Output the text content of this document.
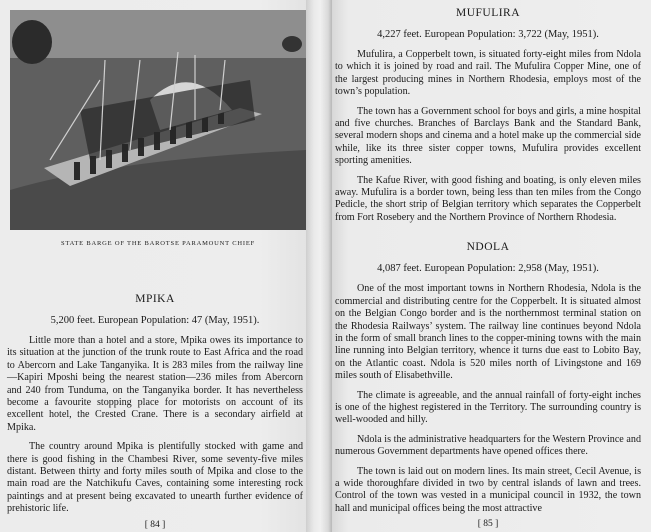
STATE BARGE OF THE BAROTSE PARAMOUNT CHIEF
MPIKA
5,200 feet. European Population: 47 (May, 1951).

Little more than a hotel and a store, Mpika owes its importance to its situation at the junction of the trunk route to East Africa and the road to Abercorn and Lake Tanganyika. It is 283 miles from the railway line—Kapiri Mposhi being the nearest station—236 miles from Abercorn and 240 from Tunduma, on the Tanganyika border. It has nevertheless become a favourite stopping place for motorists on account of its excellent hotel, the Crested Crane. There is a secondary airfield at Mpika.

The country around Mpika is plentifully stocked with game and there is good fishing in the Chambesi River, some seventy-five miles distant. Between thirty and forty miles south of Mpika and close to the main road are the Natchikufu Caves, containing some interesting rock paintings and at present being excavated to unearth further evidence of prehistoric life.

[ 84 ]
MUFULIRA
4,227 feet. European Population: 3,722 (May, 1951).

Mufulira, a Copperbelt town, is situated forty-eight miles from Ndola to which it is joined by road and rail. The Mufulira Copper Mine, one of the largest producing mines in Northern Rhodesia, employs most of the town’s population.

The town has a Government school for boys and girls, a mine hospital and five churches. Branches of Barclays Bank and the Standard Bank, several modern shops and cinema and a hotel make up the commercial side while, like its three sister copper towns, Mufulira provides excellent sporting amenities.

The Kafue River, with good fishing and boating, is only eleven miles away. Mufulira is a border town, being less than ten miles from the Congo Pedicle, the short strip of Belgian territory which separates the Copperbelt from Fort Rosebery and the Northern Province of Northern Rhodesia.

NDOLA
4,087 feet. European Population: 2,958 (May, 1951).

One of the most important towns in Northern Rhodesia, Ndola is the commercial and distributing centre for the Copperbelt. It is situated almost on the Belgian Congo border and is the northernmost terminal station on the Rhodesia Railways’ system. The railway line continues beyond Ndola in the form of small branch lines to the copper-mining towns with the main line running into Belgian territory, whence it turns due east to Lobito Bay, on the Atlantic coast. Ndola is 520 miles north of Livingstone and 169 miles south of Elisabethville.

The climate is agreeable, and the annual rainfall of forty-eight inches is one of the highest registered in the Territory. The surrounding country is well-wooded and hilly.

Ndola is the administrative headquarters for the Western Province and numerous Government departments have opened offices there.

The town is laid out on modern lines. Its main street, Cecil Avenue, is a wide thoroughfare divided in two by central islands of lawn and trees. Control of the town was vested in a municipal council in 1932, the town hall and municipal offices being the most attractive

[ 85 ]
